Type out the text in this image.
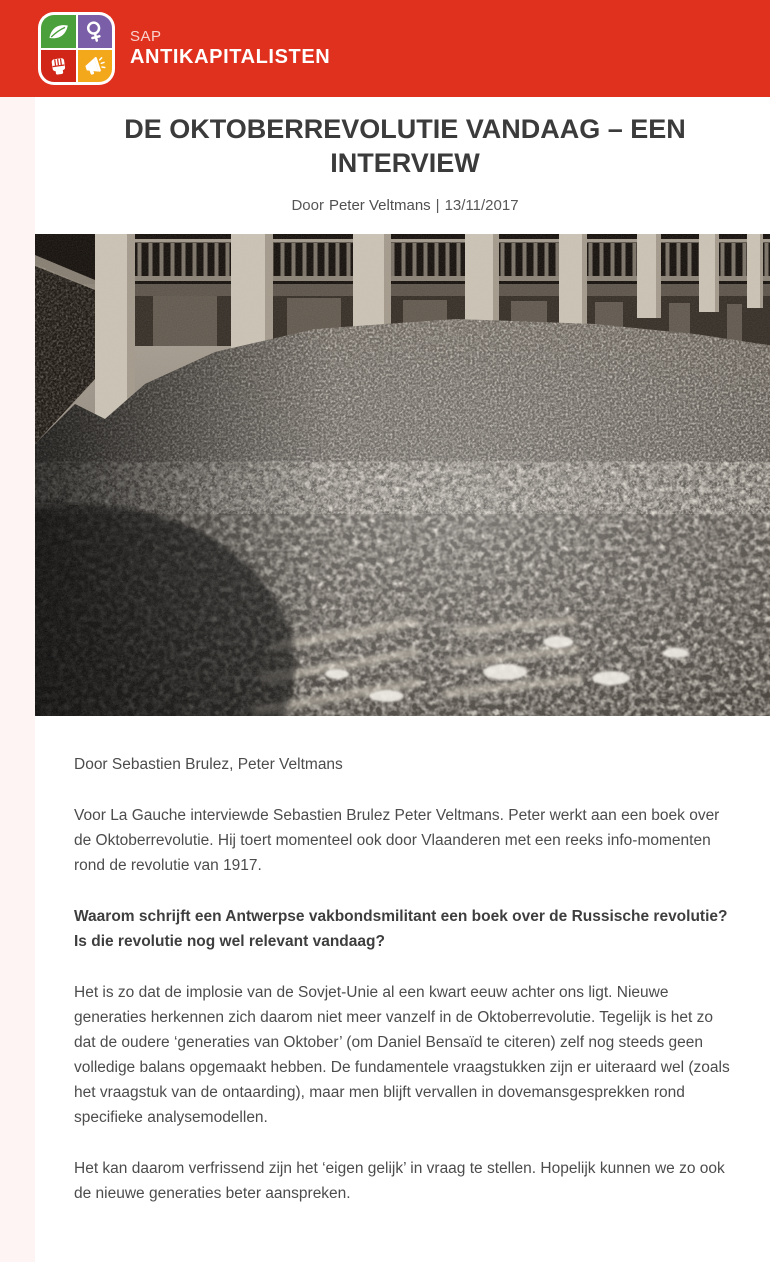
SAP
ANTIKAPITALISTEN
DE OKTOBERREVOLUTIE VANDAAG – EEN INTERVIEW
Door Peter Veltmans | 13/11/2017

Door Sebastien Brulez, Peter Veltmans

Voor La Gauche interviewde Sebastien Brulez Peter Veltmans. Peter werkt aan een boek over de Oktoberrevolutie. Hij toert momenteel ook door Vlaanderen met een reeks info-momenten rond de revolutie van 1917.

Waarom schrijft een Antwerpse vakbondsmilitant een boek over de Russische revolutie? Is die revolutie nog wel relevant vandaag?

Het is zo dat de implosie van de Sovjet-Unie al een kwart eeuw achter ons ligt. Nieuwe generaties herkennen zich daarom niet meer vanzelf in de Oktoberrevolutie. Tegelijk is het zo dat de oudere ‘generaties van Oktober’ (om Daniel Bensaïd te citeren) zelf nog steeds geen volledige balans opgemaakt hebben. De fundamentele vraagstukken zijn er uiteraard wel (zoals het vraagstuk van de ontaarding), maar men blijft vervallen in dovemansgesprekken rond specifieke analysemodellen.

Het kan daarom verfrissend zijn het ‘eigen gelijk’ in vraag te stellen. Hopelijk kunnen we zo ook de nieuwe generaties beter aanspreken.
